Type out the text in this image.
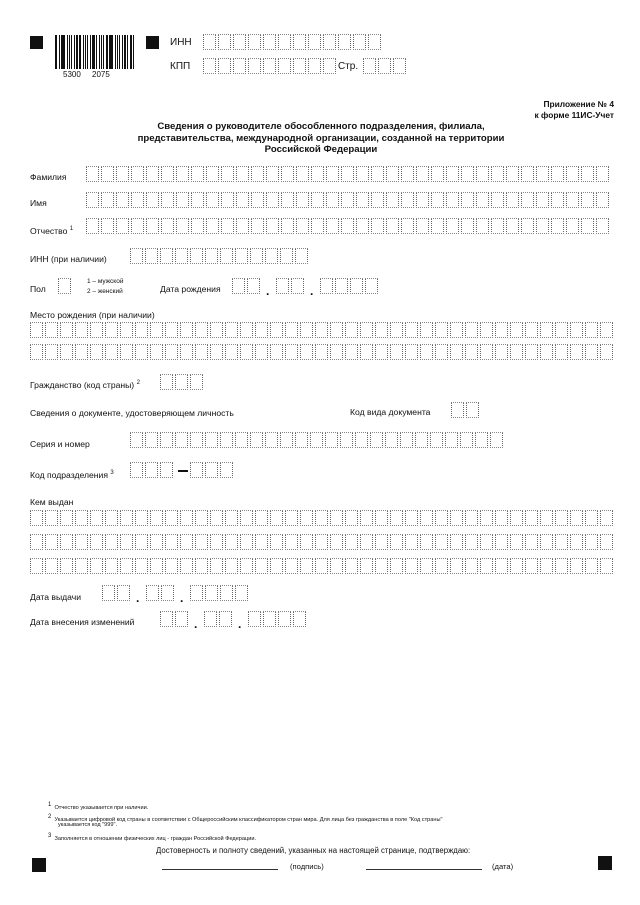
5300 2075
ИНН
КПП	Стр.
Приложение № 4
к форме 11ИС-Учет
Сведения о руководителе обособленного подразделения, филиала,
представительства, международной организации, созданной на территории
Российской Федерации
Фамилия
Имя
Отчество $^1$
ИНН (при наличии)
Пол
1 – мужской
2 – женский	Дата рождения	.	.
Место рождения (при наличии)
Гражданство (код страны) $^2$
Сведения о документе, удостоверяющем личность	Код вида документа
Серия и номер
Код подразделения $^3$
Кем выдан
Дата выдачи	.	.
Дата внесения изменений	.	.
$^1$ Отчество указывается при наличии.
$^2$ Указывается цифровой код страны в соответствии с Общероссийским классификатором стран мира. Для лица без гражданства в поле "Код страны"
указывается код "999".
$^3$ Заполняется в отношении физических лиц - граждан Российской Федерации.
Достоверность и полноту сведений, указанных на настоящей странице, подтверждаю:
(подпись)	(дата)
